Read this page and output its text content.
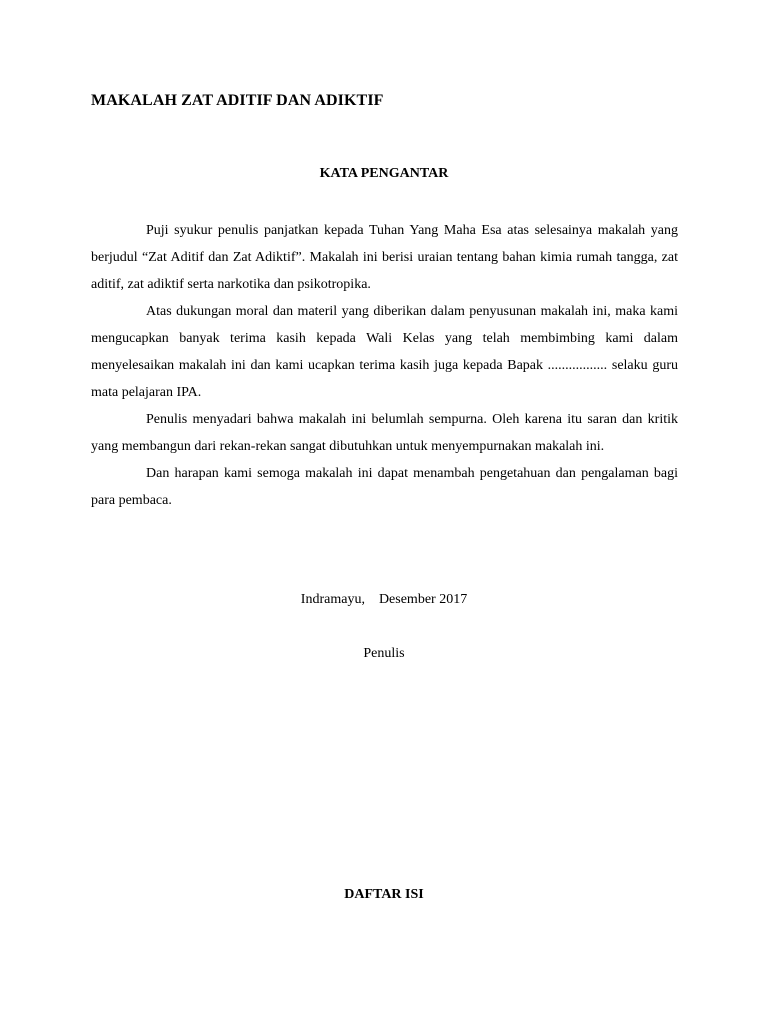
MAKALAH ZAT ADITIF DAN ADIKTIF
KATA PENGANTAR

Puji syukur penulis panjatkan kepada Tuhan Yang Maha Esa atas selesainya makalah yang berjudul “Zat Aditif dan Zat Adiktif”. Makalah ini berisi uraian tentang bahan kimia rumah tangga, zat aditif, zat adiktif serta narkotika dan psikotropika.

Atas dukungan moral dan materil yang diberikan dalam penyusunan makalah ini, maka kami mengucapkan banyak terima kasih kepada Wali Kelas yang telah membimbing kami dalam menyelesaikan makalah ini dan kami ucapkan terima kasih juga kepada Bapak ................. selaku guru mata pelajaran IPA.

Penulis menyadari bahwa makalah ini belumlah sempurna. Oleh karena itu saran dan kritik yang membangun dari rekan-rekan sangat dibutuhkan untuk menyempurnakan makalah ini.

Dan harapan kami semoga makalah ini dapat menambah pengetahuan dan pengalaman bagi para pembaca.

Indramayu,    Desember 2017
Penulis
DAFTAR ISI
